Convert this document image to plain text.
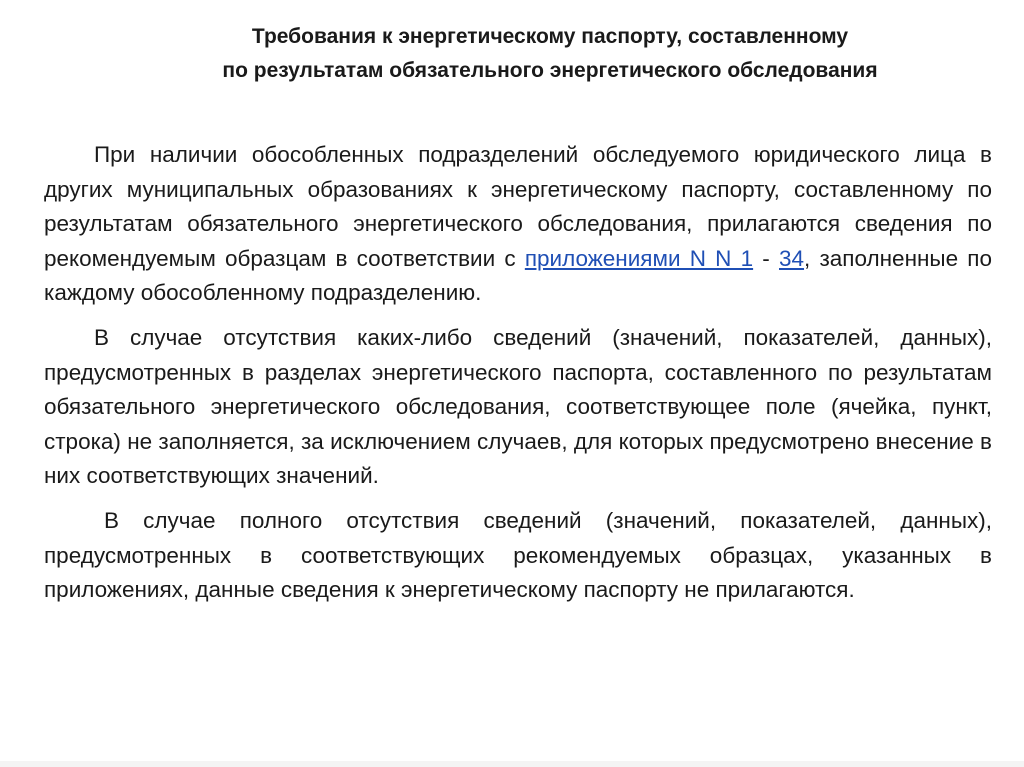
Требования к энергетическому паспорту, составленному
по результатам обязательного энергетического обследования

При наличии обособленных подразделений обследуемого юридического лица в других муниципальных образованиях к энергетическому паспорту, составленному по результатам обязательного энергетического обследования, прилагаются сведения по рекомендуемым образцам в соответствии с приложениями N N 1 - 34, заполненные по каждому обособленному подразделению.

В случае отсутствия каких-либо сведений (значений, показателей, данных), предусмотренных в разделах энергетического паспорта, составленного по результатам обязательного энергетического обследования, соответствующее поле (ячейка, пункт, строка) не заполняется, за исключением случаев, для которых предусмотрено внесение в них соответствующих значений.

В случае полного отсутствия сведений (значений, показателей, данных), предусмотренных в соответствующих рекомендуемых образцах, указанных в приложениях, данные сведения к энергетическому паспорту не прилагаются.
